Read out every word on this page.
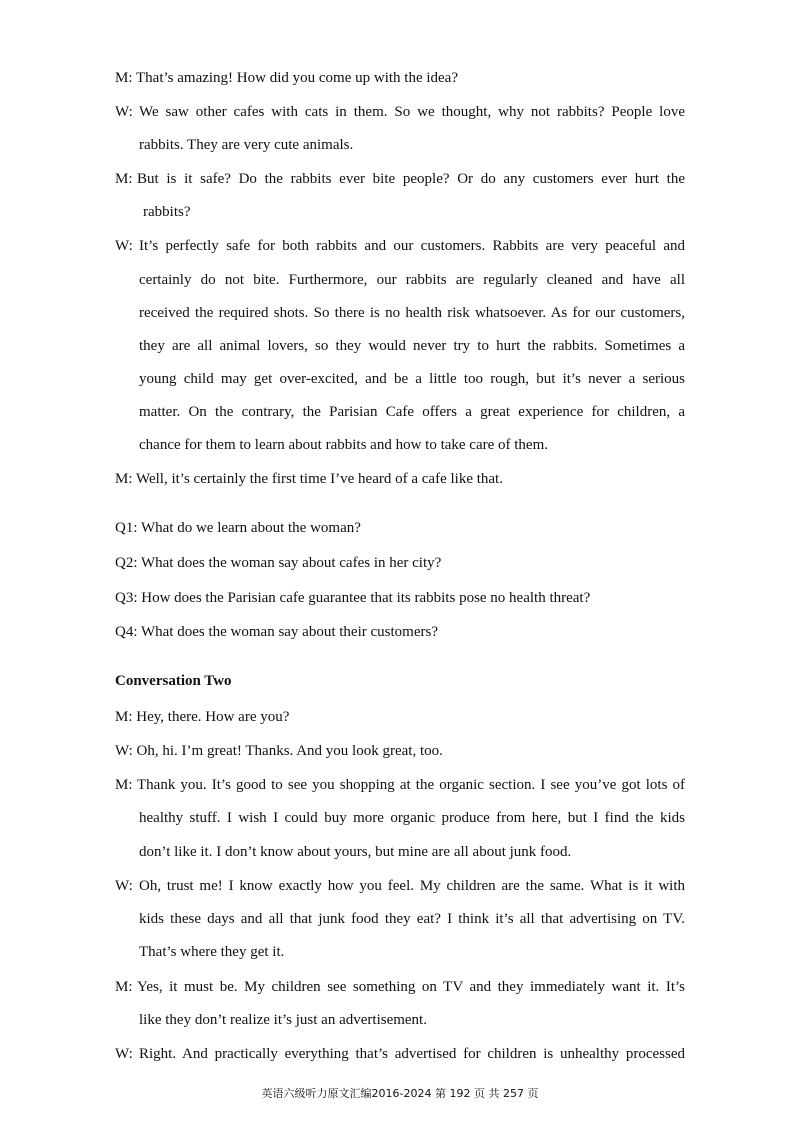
M: That’s amazing! How did you come up with the idea?
W: We saw other cafes with cats in them. So we thought, why not rabbits? People love
rabbits. They are very cute animals.
M: But is it safe? Do the rabbits ever bite people? Or do any customers ever hurt the
rabbits?
W: It’s perfectly safe for both rabbits and our customers. Rabbits are very peaceful and
certainly do not bite. Furthermore, our rabbits are regularly cleaned and have all
received the required shots. So there is no health risk whatsoever. As for our customers,
they are all animal lovers, so they would never try to hurt the rabbits. Sometimes a
young child may get over-excited, and be a little too rough, but it’s never a serious
matter. On the contrary, the Parisian Cafe offers a great experience for children, a
chance for them to learn about rabbits and how to take care of them.
M: Well, it’s certainly the first time I’ve heard of a cafe like that.
Q1: What do we learn about the woman?
Q2: What does the woman say about cafes in her city?
Q3: How does the Parisian cafe guarantee that its rabbits pose no health threat?
Q4: What does the woman say about their customers?
Conversation Two
M: Hey, there. How are you?
W: Oh, hi. I’m great! Thanks. And you look great, too.
M: Thank you. It’s good to see you shopping at the organic section. I see you’ve got lots of
healthy stuff. I wish I could buy more organic produce from here, but I find the kids
don’t like it. I don’t know about yours, but mine are all about junk food.
W: Oh, trust me! I know exactly how you feel. My children are the same. What is it with
kids these days and all that junk food they eat? I think it’s all that advertising on TV.
That’s where they get it.
M: Yes, it must be. My children see something on TV and they immediately want it. It’s
like they don’t realize it’s just an advertisement.
W: Right. And practically everything that’s advertised for children is unhealthy processed
英语六级听力原文汇编2016-2024 第 192 页 共 257 页
